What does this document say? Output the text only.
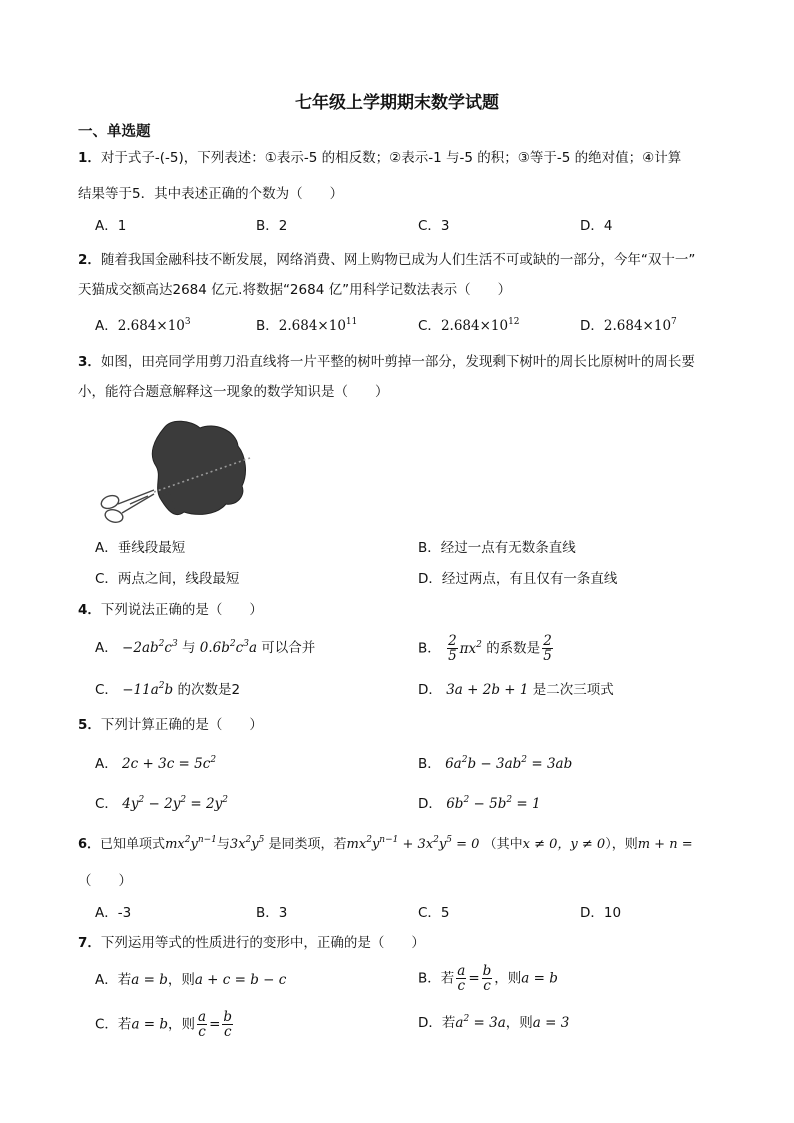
七年级上学期期末数学试题
一、单选题
1．对于式子-(-5)，下列表述：①表示-5 的相反数；②表示-1 与-5 的积；③等于-5 的绝对值；④计算
结果等于5．其中表述正确的个数为（　　）
A．1	B．2	C．3	D．4
2．随着我国金融科技不断发展，网络消费、网上购物已成为人们生活不可或缺的一部分，今年“双十一”
天猫成交额高达2684 亿元.将数据“2684 亿”用科学记数法表示（　　）
A．$2.684\times 10^3$	B．$2.684\times 10^{11}$	C．$2.684\times 10^{12}$	D．$2.684\times 10^7$
3．如图，田亮同学用剪刀沿直线将一片平整的树叶剪掉一部分，发现剩下树叶的周长比原树叶的周长要
小，能符合题意解释这一现象的数学知识是（　　）
A．垂线段最短	B．经过一点有无数条直线
C．两点之间，线段最短	D．经过两点，有且仅有一条直线
4．下列说法正确的是（　　）
A． $-2ab^2c^3$ 与 $0.6b^2c^3a$ 可以合并	B． $\frac{2}{5} \pi x^2$ 的系数是 $\frac{2}{5}$
C． $-11a^2b$ 的次数是2	D． 3a + 2b + 1 是二次三项式
5．下列计算正确的是（　　）
A． $2c + 3c = 5c^2$	B． $6a^2b - 3ab^2 = 3ab$
C． $4y^2 - 2y^2 = 2y^2$	D． $6b^2 - 5b^2 = 1$
6．已知单项式$mx^2y^{n-1}$与$3x^2y^5$ 是同类项，若$mx^2y^{n-1} + 3x^2y^5 = 0$ （其中x ≠ 0，y ≠ 0），则m + n =
（　　）
A．-3	B．3	C．5	D．10
7．下列运用等式的性质进行的变形中，正确的是（　　）
A．若a = b，则a + c = b − c	B．若 $\frac{a}{c} = \frac{b}{c}$ ，则a = b
C．若a = b，则 $\frac{a}{c} = \frac{b}{c}$	D．若$a^2 = 3a$，则a = 3
